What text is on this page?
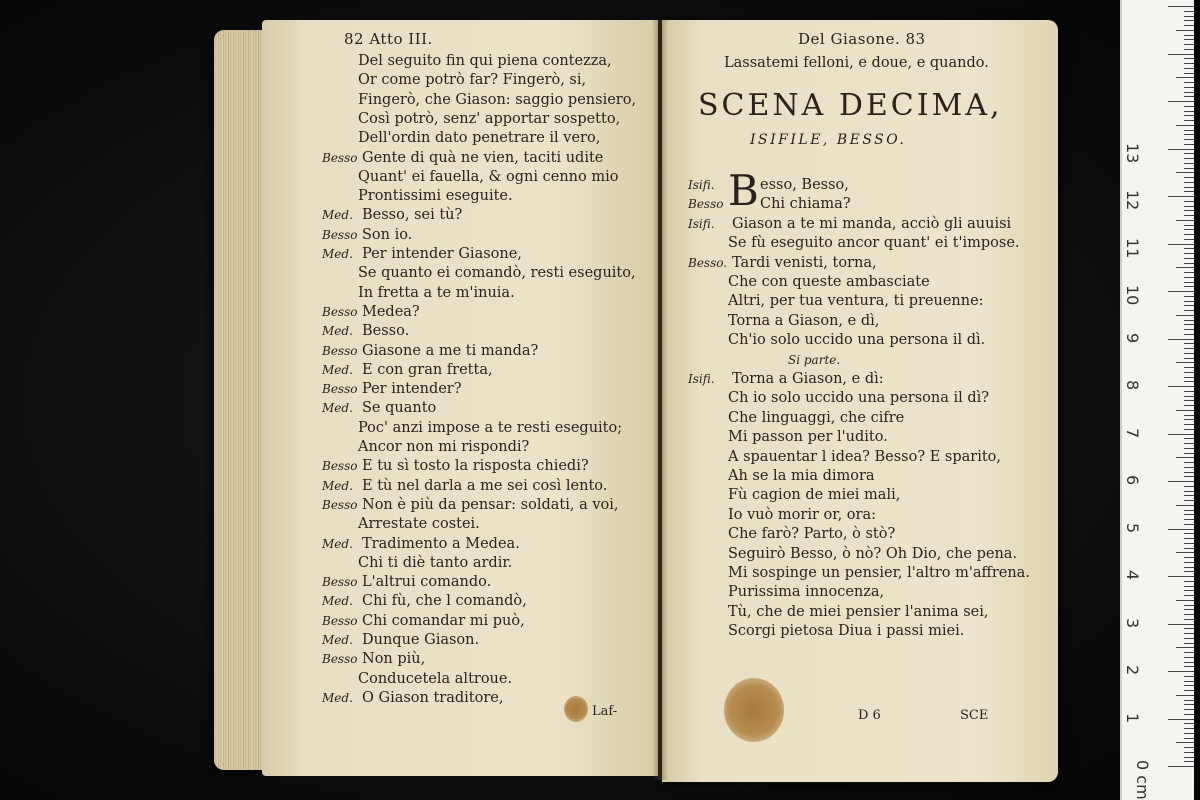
82 Atto III.
Del seguito fin qui piena contezza,
Or come potrò far? Fingerò, si,
Fingerò, che Giason: saggio pensiero,
Così potrò, senz' apportar sospetto,
Dell'ordin dato penetrare il vero,
Besso Gente di quà ne vien, taciti udite
Quant' ei fauella, & ogni cenno mio
Prontissimi eseguite.
Med. Besso, sei tù?
Besso Son io.
Med. Per intender Giasone,
Se quanto ei comandò, resti eseguito,
In fretta a te m'inuia.
Besso Medea?
Med. Besso.
Besso Giasone a me ti manda?
Med. E con gran fretta,
Besso Per intender?
Med. Se quanto
Poc' anzi impose a te resti eseguito;
Ancor non mi rispondi?
Besso E tu sì tosto la risposta chiedi?
Med. E tù nel darla a me sei così lento.
Besso Non è più da pensar: soldati, a voi,
Arrestate costei.
Med. Tradimento a Medea.
Chi ti diè tanto ardir.
Besso L'altrui comando.
Med. Chi fù, che l comandò,
Besso Chi comandar mi può,
Med. Dunque Giason.
Besso Non più,
Conducetela altroue.
Med. O Giason traditore,
Laf-
Del Giasone. 83
Lassatemi felloni, e doue, e quando.
SCENA DECIMA,
ISIFILE, BESSO.
B
Isifi.	esso, Besso,
Besso	Chi chiama?
Isifi. Giason a te mi manda, acciò gli auuisi
Se fù eseguito ancor quant' ei t'impose.
Besso. Tardi venisti, torna,
Che con queste ambasciate
Altri, per tua ventura, ti preuenne:
Torna a Giason, e dì,
Ch'io solo uccido una persona il dì.
Si parte.
Isifi. Torna a Giason, e dì:
Ch io solo uccido una persona il dì?
Che linguaggi, che cifre
Mi passon per l'udito.
A spauentar l idea? Besso? E sparito,
Ah se la mia dimora
Fù cagion de miei mali,
Io vuò morir or, ora:
Che farò? Parto, ò stò?
Seguirò Besso, ò nò? Oh Dio, che pena.
Mi sospinge un pensier, l'altro m'affrena.
Purissima innocenza,
Tù, che de miei pensier l'anima sei,
Scorgi pietosa Diua i passi miei.
D 6	SCE
0 cm
1
2
3
4
5
6
7
8
9
10
11
12
13
